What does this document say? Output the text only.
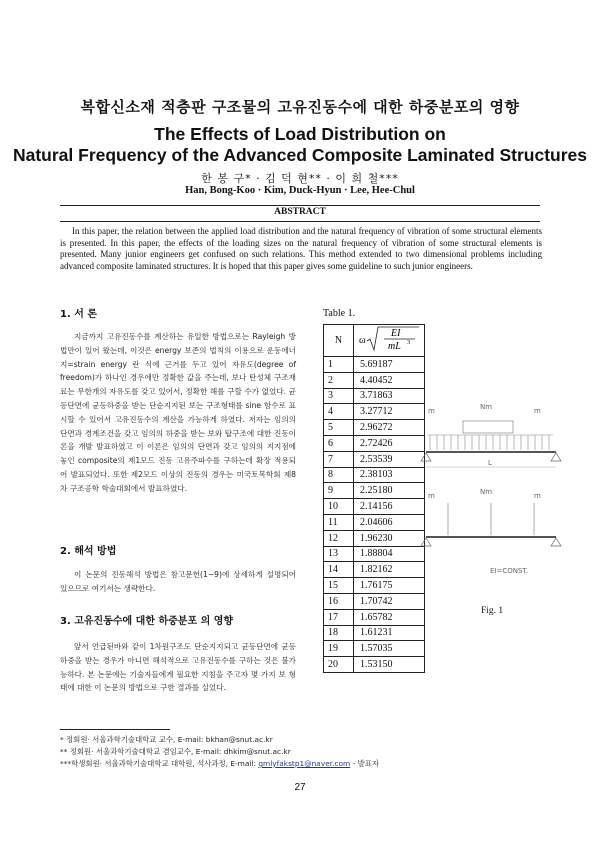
복합신소재 적층판 구조물의 고유진동수에 대한 하중분포의 영향
The Effects of Load Distribution on
Natural Frequency of the Advanced Composite Laminated Structures
한 봉 구* · 김 덕 현** · 이 희 철***
Han, Bong-Koo · Kim, Duck-Hyun · Lee, Hee-Chul
ABSTRACT
In this paper, the relation between the applied load distribution and the natural frequency of vibration of some structural elements is presented. In this paper, the effects of the loading sizes on the natural frequency of vibration of some structural elements is presented. Many junior engineers get confused on such relations. This method extended to two dimensional problems including advanced composite laminated structures. It is hoped that this paper gives some guideline to such junior engineers.
1. 서 론

지금까지 고유진동수를 계산하는 유일한 방법으로는 Rayleigh 방법만이 있어 왔는데, 이것은 energy 보존의 법칙의 이용으로 운동에너지=strain energy 란 식에 근거를 두고 있어 자유도(degree of freedom)가 하나인 경우에만 정확한 값을 주는데, 보나 탄성체 구조재료는 무한개의 자유도를 갖고 있어서, 정확한 해를 구할 수가 없었다. 균등단면에 균등하중을 받는 단순지지된 보는 구조형태를 sine 함수로 표시할 수 있어서 고유진동수의 계산을 가능하게 하였다. 저자는 임의의 단면과 경계조건을 갖고 임의의 하중을 받는 보와 탑구조에 대한 진동이론을 개발 발표하였고 이 이론은 임의의 단면과 갖고 임의의 지지점에 놓인 composite의 제1모드 진동 고유주파수를 구하는데 확장 적용되어 발표되었다. 또한 제2모드 이상의 진동의 경우는 미국토목학회 제8차 구조공학 학술대회에서 발표하였다.

2. 해석 방법

이 논문의 진동해석 방법은 참고문헌(1~9)에 상세하게 설명되어 있으므로 여기서는 생략한다.

3. 고유진동수에 대한 하중분포 의 영향

앞서 언급된바와 같이 1차원구조도 단순지지되고 균등단면에 균등하중을 받는 경우가 아니면 해석적으로 고유진동수를 구하는 것은 불가능하다. 본 논문에는 기술자들에게 필요한 지침을 주고자 몇 가지 보 형태에 대한 이 논문의 방법으로 구한 결과를 실었다.

Table 1.
N	ω
EI
mL 3

1	5.69187
2	4.40452
3	3.71863
4	3.27712
5	2.96272
6	2.72426
7	2.53539
8	2.38103
9	2.25180
10	2.14156
11	2.04606
12	1.96230
13	1.88804
14	1.82162
15	1.76175
16	1.70742
17	1.65782
18	1.61231
19	1.57035
20	1.53150
m	Nm	m
L
m	Nm	m
EI=CONST.
Fig. 1
* 정회원· 서울과학기술대학교 교수, E-mail: bkhan@snut.ac.kr
** 정회원· 서울과학기술대학교 겸임교수, E-mail: dhkim@snut.ac.kr
***학생회원· 서울과학기술대학교 대학원, 석사과정, E-mail: gmlyfakstp1@naver.com - 발표자
27
